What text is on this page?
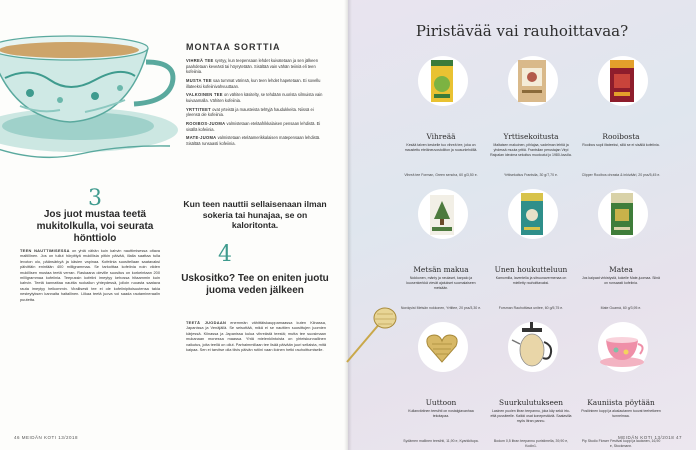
MONTAA SORTTIA

VIHREÄ TEE syntyy, kun teepensaan lehdet kuivatetaan ja sen jälkeen paahdetaan keveästi tai höyrytetään. Sisältää vain vähän teiiniä eli teen kofeiinia.

MUSTA TEE saa tummat värinsä, kun teen lehdet hapetetaan. Ei sovellu illateeksi kofeiinivahvuuttaan.

VALKOINEN TEE on vähiten käsitelty, se tehdään nuorista silmuista vain kuivaamalla. Vähiten kofeiinia.

YRTTITEET ovat yrteistä ja mausteista tehtyjä haudukkeita. Niissä ei yleensä ole kofeiinia.

ROOIBOS-JUOMA valmistetaan eteläafrikkalaisen pensaan lehdistä. Ei sisällä kofeiinia.

MATE-JUOMA valmistetaan eteläamerikkalaisen matepensaan lehdistä. Sisältää runsaasti kofeiinia.

3
Jos juot mustaa teetä mukitolkulla, voi seurata hönttiolo
Kun teen nauttii sellaisenaan ilman sokeria tai hunajaa, se on kaloritonta.
4
Uskositko? Tee on eniten juotu juoma veden jälkeen

TEEN NAUTTIMISESSA on yhtä vähän kuin kahvin nauttimisessa oltava maltillinen. Jos on tullut hörpittyä mukillisia pitkin päivää, illalla saattaa tulla levoton olo, päänsärkyä ja käsien vapinaa. Kofeiinia suositellaan saatavaksi päivittäin enintään 400 milligrammaa. Se tarkoittaa kofeiinia noin viiden mukillisen mustaa teetä verran. Raskaana oleville suositus on korkeintaan 200 milligrammaa kofeiinia. Teepussin kofeiini imeytyy kehossa hitaammin kuin kahvin. Teetä kannattaa nauttia ruokailun yhteydessä, jolloin ruoasta saatava rauta imeytyy heikommin. Virallisesti tee ei ole kofeiinipitoisuutensa takia nesteytyksen kannalta haitallinen. Liikaa teetä juova voi saada rautamineraalin puutetta.

TEETÄ JUODAAN enemmän vähittäiskauppamaassa kuten Kiinassa, Japanissa ja Venäjällä. Se seisottää, mikä ei se nauttien suosittujen juomien kärjessä. Kiinassa ja Japanissa kulua vihreästä teestä; mutta tee suosimaan mukanaan monessa maassa. Yhtä mielenkiintoista on yhteiskunnallinen vaikutus, joita teellä on ollut. Parhaimmillaan tee lisää päivään juuri sellaista, mitä kaipaa. Sen ei tarvitse olla tiivis päivän rutiini vaan iloinen hetki rauhoittumiselle.

46 MEIDÄN KOTI 13/2018
Piristävää vai rauhoittavaa?
Vihreää
Kesää talven keskelle tuo vihreä tee, joka on maustettu eteläneuvostoliiton ja ruusunlehdillä.
Vihreä tee Forman, Green sencha, 60 g/3,50 e.
Yrttisekoitusta
Maltaisen makuinen, pihlajaa, vadelman lehtiä ja yhdessä muuta yrttiä. Frantsilan perustajan Virpi Raipalan ideoima sekoitus muotoutui jo 1980-luvulla.
Yrttisekoitus Frantsila, 30 g/7,70 e.
Rooibosta
Rooibos sopii iltateeksi, sillä se ei sisällä kofeiinia.
Clipper Rooibos ohrasta & inkivääri, 20 pss/5,45 e.
Metsän makua
Nokkonen, mänty ja neulaset, karpalo ja kuusenkerkkä vievät ajatukset suomalaiseen metsään.
Nordqvist Metsän nokkonen, Yrttitee, 20 pss/3,30 e.
Unen houkutteluun
Kamomilla, laventelia ja sitruunavermenaa on mielletty rauhoittavaksi.
Forsman Rauhoittava unitee, 60 g/5,75 e.
Matea
Jos kaipaat virkistystä, kokeile Mate-juomaa. Siinä on runsaasti kofeiinia.
Mate Guamá, 60 g/3,95 e.
Uuttoon
Kullanväriinen teesihti on nostalgiavanhaa tekotapaa.
Sydämen mallinen teesihti, 11,90 e, Kyarkkitupa.
Suurkulutukseen
Lasinen puolen litran teepannu, joka käy sekä irto- että pussiteelle. Kaikki osat konepestäviä. Saatavilla myös litran pannu.
Bodum 0,5 litran teepannu puristimella, 39,90 e, Kodin1.
Kauniista pöytään
Posliininen kuppi ja aluslautanen tuovat teehetkeen tunnelmaa.
Pip Studio Flower Festival kuppi ja lautanen, 16,90 e, Stockmann.
MEIDÄN KOTI 13/2018 47
